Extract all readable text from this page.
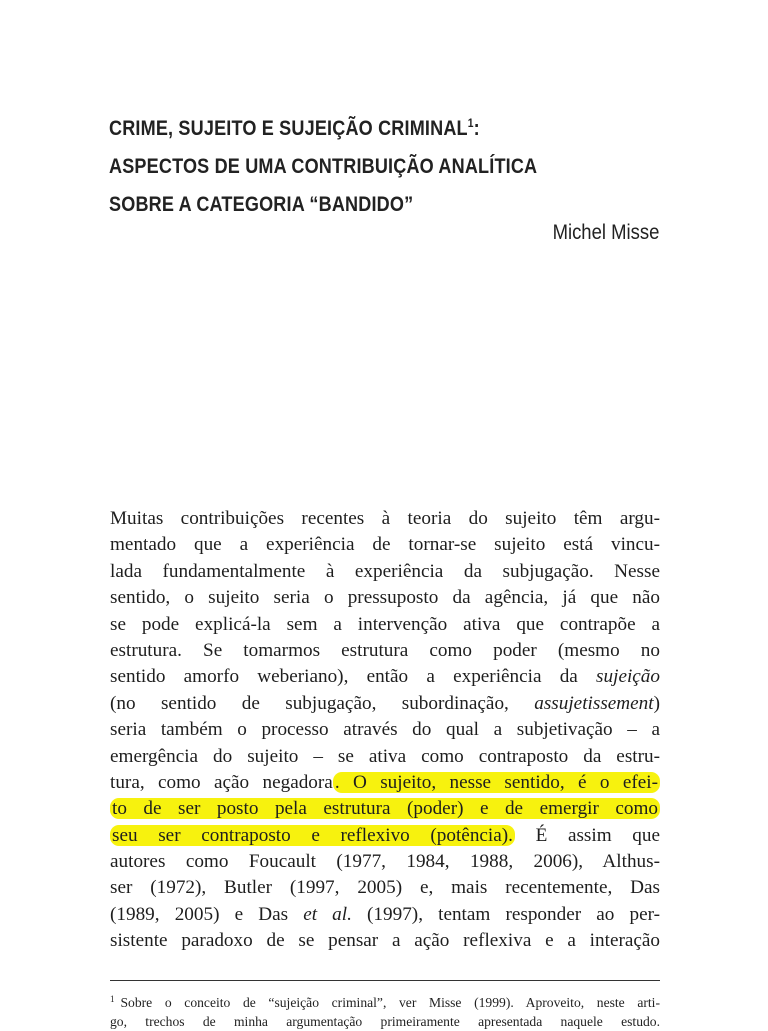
CRIME, SUJEITO E SUJEIÇÃO CRIMINAL$^1$:
ASPECTOS DE UMA CONTRIBUIÇÃO ANALÍTICA
SOBRE A CATEGORIA “BANDIDO”
Michel Misse
Muitas contribuições recentes à teoria do sujeito têm argu-
mentado que a experiência de tornar-se sujeito está vincu-
lada fundamentalmente à experiência da subjugação. Nesse
sentido, o sujeito seria o pressuposto da agência, já que não
se pode explicá-la sem a intervenção ativa que contrapõe a
estrutura. Se tomarmos estrutura como poder (mesmo no
sentido amorfo weberiano), então a experiência da sujeição
(no sentido de subjugação, subordinação, assujetissement)
seria também o processo através do qual a subjetivação – a
emergência do sujeito – se ativa como contraposto da estru-
tura, como ação negadora . O sujeito, nesse sentido, é o efei-
to de ser posto pela estrutura (poder) e de emergir como
seu ser contraposto e reflexivo (potência). É assim que
autores como Foucault (1977, 1984, 1988, 2006), Althus-
ser (1972), Butler (1997, 2005) e, mais recentemente, Das
(1989, 2005) e Das et al. (1997), tentam responder ao per-
sistente paradoxo de se pensar a ação reflexiva e a interação
$^1$ Sobre o conceito de “sujeição criminal”, ver Misse (1999). Aproveito, neste arti-
go, trechos de minha argumentação primeiramente apresentada naquele estudo.
